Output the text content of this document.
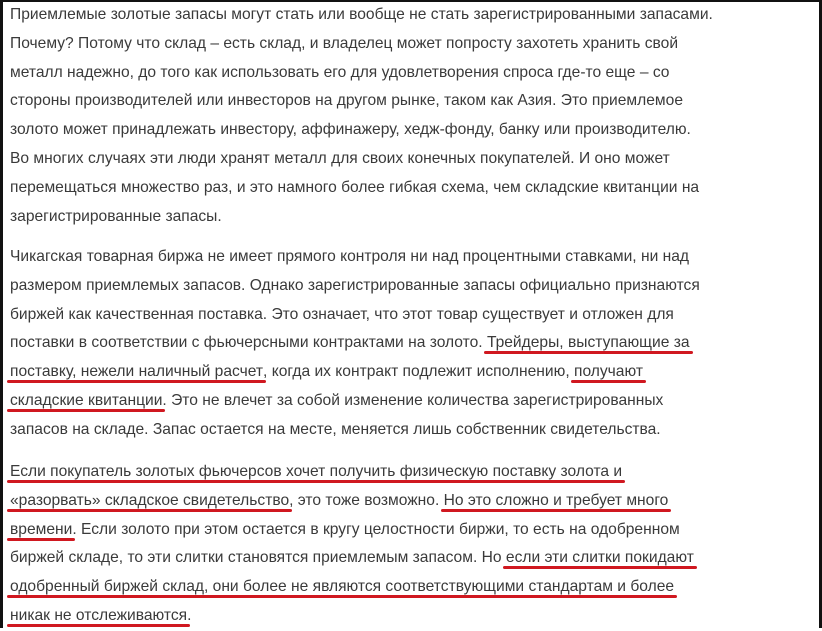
Приемлемые золотые запасы могут стать или вообще не стать зарегистрированными запасами.
Почему? Потому что склад – есть склад, и владелец может попросту захотеть хранить свой
металл надежно, до того как использовать его для удовлетворения спроса где-то еще – со
стороны производителей или инвесторов на другом рынке, таком как Азия. Это приемлемое
золото может принадлежать инвестору, аффинажеру, хедж-фонду, банку или производителю.
Во многих случаях эти люди хранят металл для своих конечных покупателей. И оно может
перемещаться множество раз, и это намного более гибкая схема, чем складские квитанции на
зарегистрированные запасы.
Чикагская товарная биржа не имеет прямого контроля ни над процентными ставками, ни над
размером приемлемых запасов. Однако зарегистрированные запасы официально признаются
биржей как качественная поставка. Это означает, что этот товар существует и отложен для
поставки в соответствии с фьючерсными контрактами на золото. Трейдеры, выступающие за
поставку, нежели наличный расчет, когда их контракт подлежит исполнению, получают
складские квитанции. Это не влечет за собой изменение количества зарегистрированных
запасов на складе. Запас остается на месте, меняется лишь собственник свидетельства.
Если покупатель золотых фьючерсов хочет получить физическую поставку золота и
«разорвать» складское свидетельство, это тоже возможно. Но это сложно и требует много
времени. Если золото при этом остается в кругу целостности биржи, то есть на одобренном
биржей складе, то эти слитки становятся приемлемым запасом. Но если эти слитки покидают
одобренный биржей склад, они более не являются соответствующими стандартам и более
никак не отслеживаются.
